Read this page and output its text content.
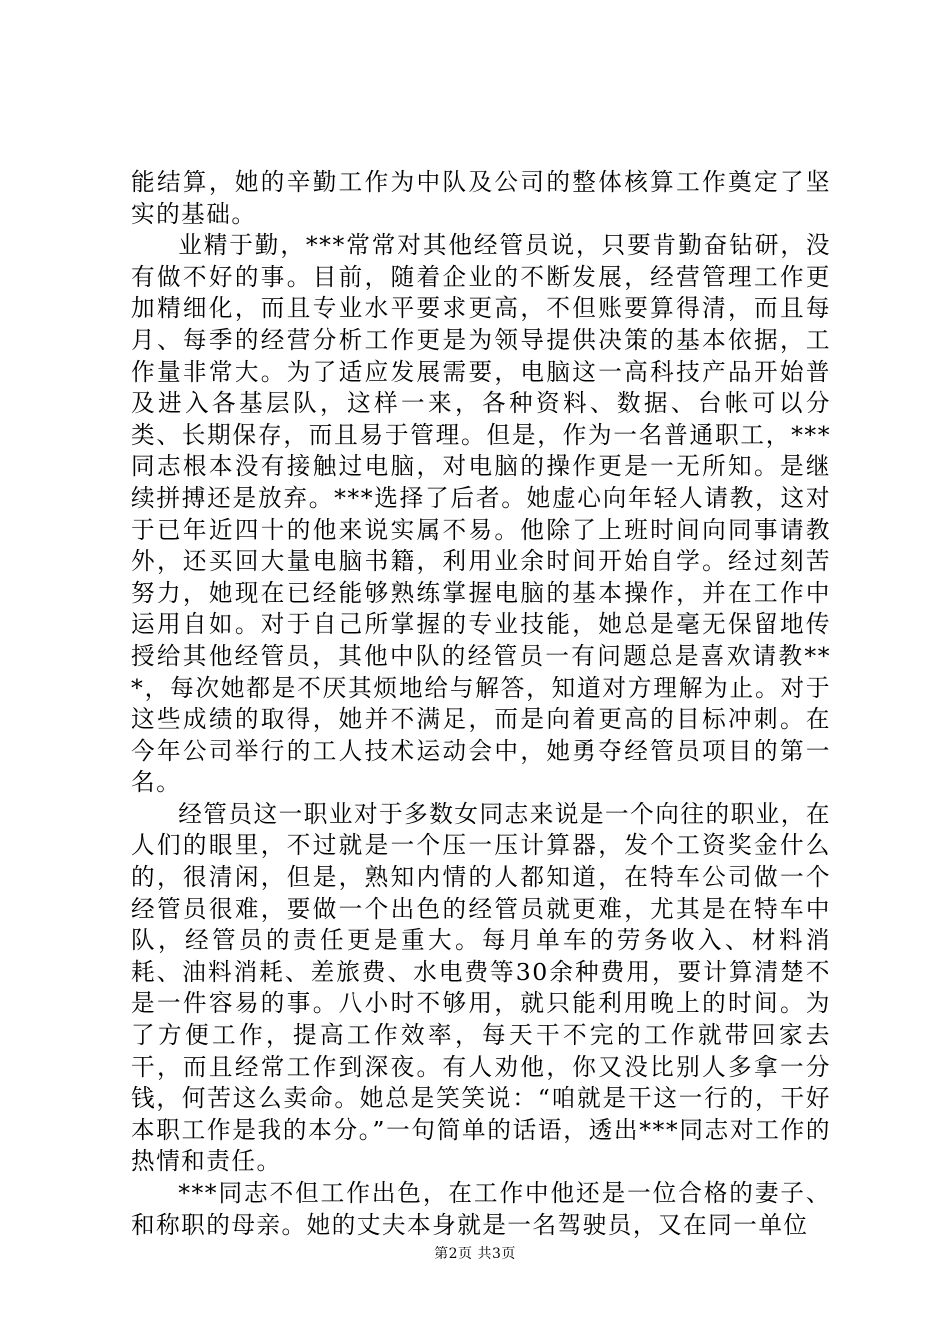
能结算，她的辛勤工作为中队及公司的整体核算工作奠定了坚实的基础。

业精于勤，***常常对其他经管员说，只要肯勤奋钻研，没有做不好的事。目前，随着企业的不断发展，经营管理工作更加精细化，而且专业水平要求更高，不但账要算得清，而且每月、每季的经营分析工作更是为领导提供决策的基本依据，工作量非常大。为了适应发展需要，电脑这一高科技产品开始普及进入各基层队，这样一来，各种资料、数据、台帐可以分类、长期保存，而且易于管理。但是，作为一名普通职工，***同志根本没有接触过电脑，对电脑的操作更是一无所知。是继续拼搏还是放弃。***选择了后者。她虚心向年轻人请教，这对于已年近四十的他来说实属不易。他除了上班时间向同事请教外，还买回大量电脑书籍，利用业余时间开始自学。经过刻苦努力，她现在已经能够熟练掌握电脑的基本操作，并在工作中运用自如。对于自己所掌握的专业技能，她总是毫无保留地传授给其他经管员，其他中队的经管员一有问题总是喜欢请教***，每次她都是不厌其烦地给与解答，知道对方理解为止。对于这些成绩的取得，她并不满足，而是向着更高的目标冲刺。在今年公司举行的工人技术运动会中，她勇夺经管员项目的第一名。

经管员这一职业对于多数女同志来说是一个向往的职业，在人们的眼里，不过就是一个压一压计算器，发个工资奖金什么的，很清闲，但是，熟知内情的人都知道，在特车公司做一个经管员很难，要做一个出色的经管员就更难，尤其是在特车中队，经管员的责任更是重大。每月单车的劳务收入、材料消耗、油料消耗、差旅费、水电费等30余种费用，要计算清楚不是一件容易的事。八小时不够用，就只能利用晚上的时间。为了方便工作，提高工作效率，每天干不完的工作就带回家去干，而且经常工作到深夜。有人劝他，你又没比别人多拿一分钱，何苦这么卖命。她总是笑笑说：“咱就是干这一行的，干好本职工作是我的本分。”一句简单的话语，透出***同志对工作的热情和责任。

***同志不但工作出色，在工作中他还是一位合格的妻子、和称职的母亲。她的丈夫本身就是一名驾驶员，又在同一单位

第2页 共3页
